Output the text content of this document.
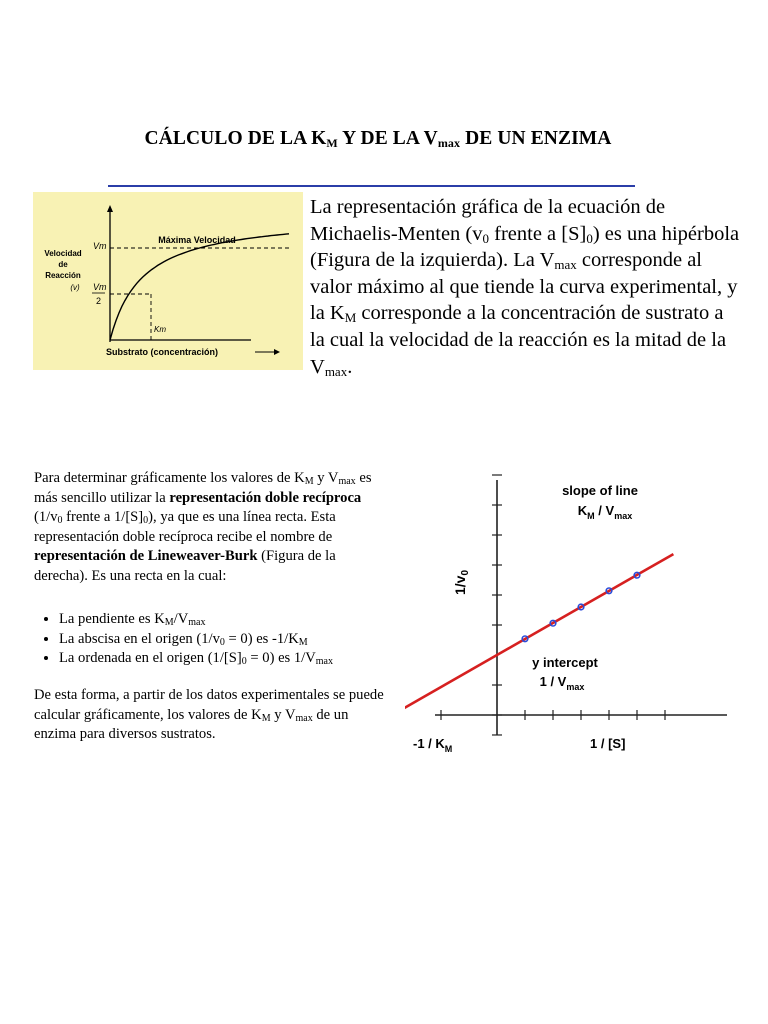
CÁLCULO DE LA $K_M$ Y DE LA $V_{max}$ DE UN ENZIMA
Máxima Velocidad
Velocidad
de
Reacción
(v)
Vm
Vm
2
Km
Substrato (concentración)
La representación gráfica de la ecuación de Michaelis-Menten ($v_0$ frente a $[S]_0$) es una hipérbola (Figura de la izquierda). La $V_{max}$ corresponde al valor máximo al que tiende la curva experimental, y la $K_M$ corresponde a la concentración de sustrato a la cual la velocidad de la reacción es la mitad de la $V_{max}$.
Para determinar gráficamente los valores de $K_M$ y $V_{max}$ es más sencillo utilizar la representación doble recíproca ($1/v_0$ frente a $1/[S]_0$), ya que es una línea recta. Esta representación doble recíproca recibe el nombre de representación de Lineweaver-Burk (Figura de la derecha). Es una recta en la cual:
• La pendiente es $K_M/V_{max}$
• La abscisa en el origen $(1/v_0 = 0)$ es $-1/K_M$
• La ordenada en el origen $(1/[S]_0 = 0)$ es $1/V_{max}$
De esta forma, a partir de los datos experimentales se puede calcular gráficamente, los valores de $K_M$ y $V_{max}$ de un enzima para diversos sustratos.
slope of line
$K_M / V_{max}$
y intercept
$1 / V_{max}$
$1/v_0$
$-1 / K_M$	1 / [S]
